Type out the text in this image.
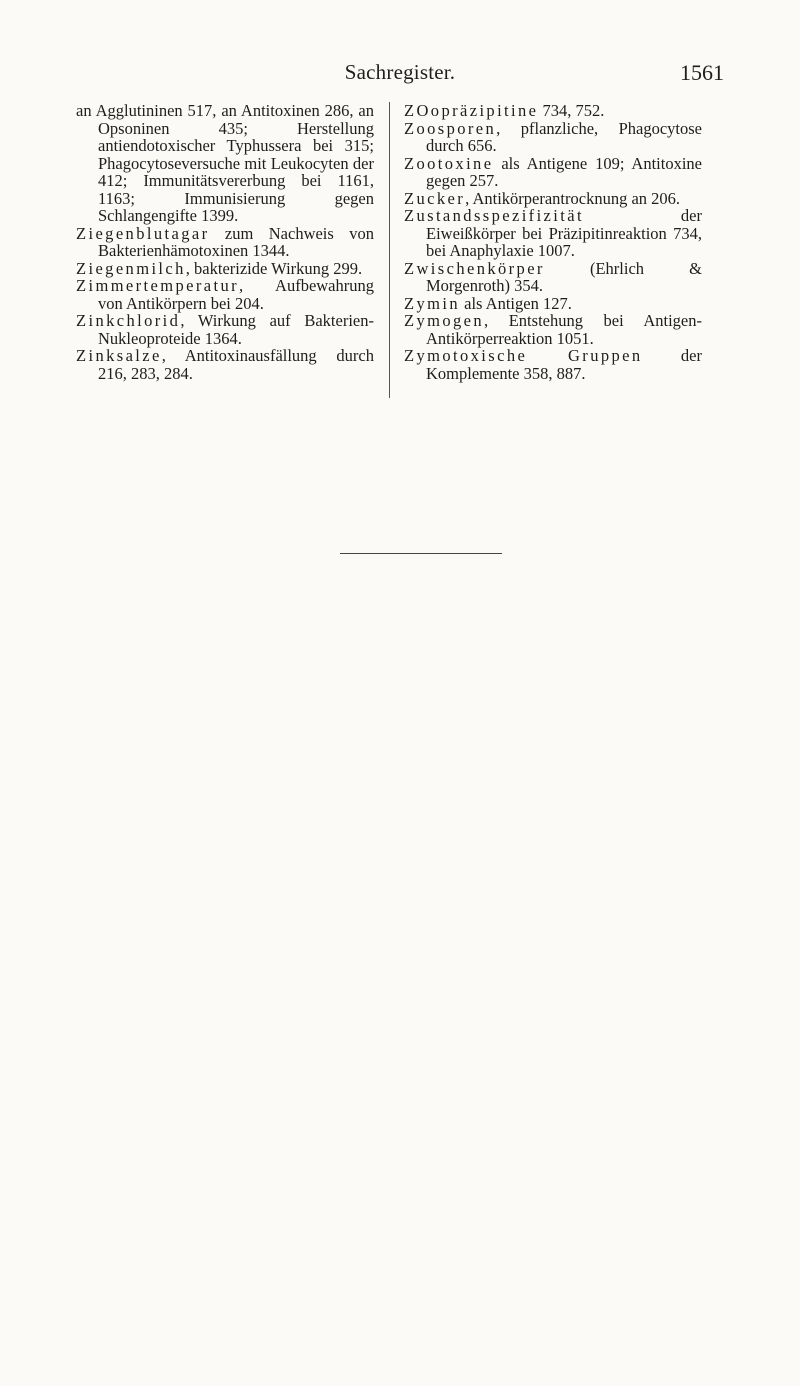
Sachregister.	1561

an Agglutininen 517, an Antitoxinen 286, an Opsoninen 435; Herstellung antiendotoxischer Typhussera bei 315; Phagocytoseversuche mit Leukocyten der 412; Immunitätsvererbung bei 1161, 1163; Immunisierung gegen Schlangengifte 1399.

Ziegenblutagar zum Nachweis von Bakterienhämotoxinen 1344.

Ziegenmilch, bakterizide Wirkung 299.

Zimmertemperatur, Aufbewahrung von Antikörpern bei 204.

Zinkchlorid, Wirkung auf Bakterien-Nukleoproteide 1364.

Zinksalze, Antitoxinausfällung durch 216, 283, 284.

ZOopräzipitine 734, 752.

Zoosporen, pflanzliche, Phagocytose durch 656.

Zootoxine als Antigene 109; Antitoxine gegen 257.

Zucker, Antikörperantrocknung an 206.

Zustandsspezifizität der Eiweißkörper bei Präzipitinreaktion 734, bei Anaphylaxie 1007.

Zwischenkörper (Ehrlich & Morgenroth) 354.

Zymin als Antigen 127.

Zymogen, Entstehung bei Antigen-Antikörperreaktion 1051.

Zymotoxische Gruppen der Komplemente 358, 887.
